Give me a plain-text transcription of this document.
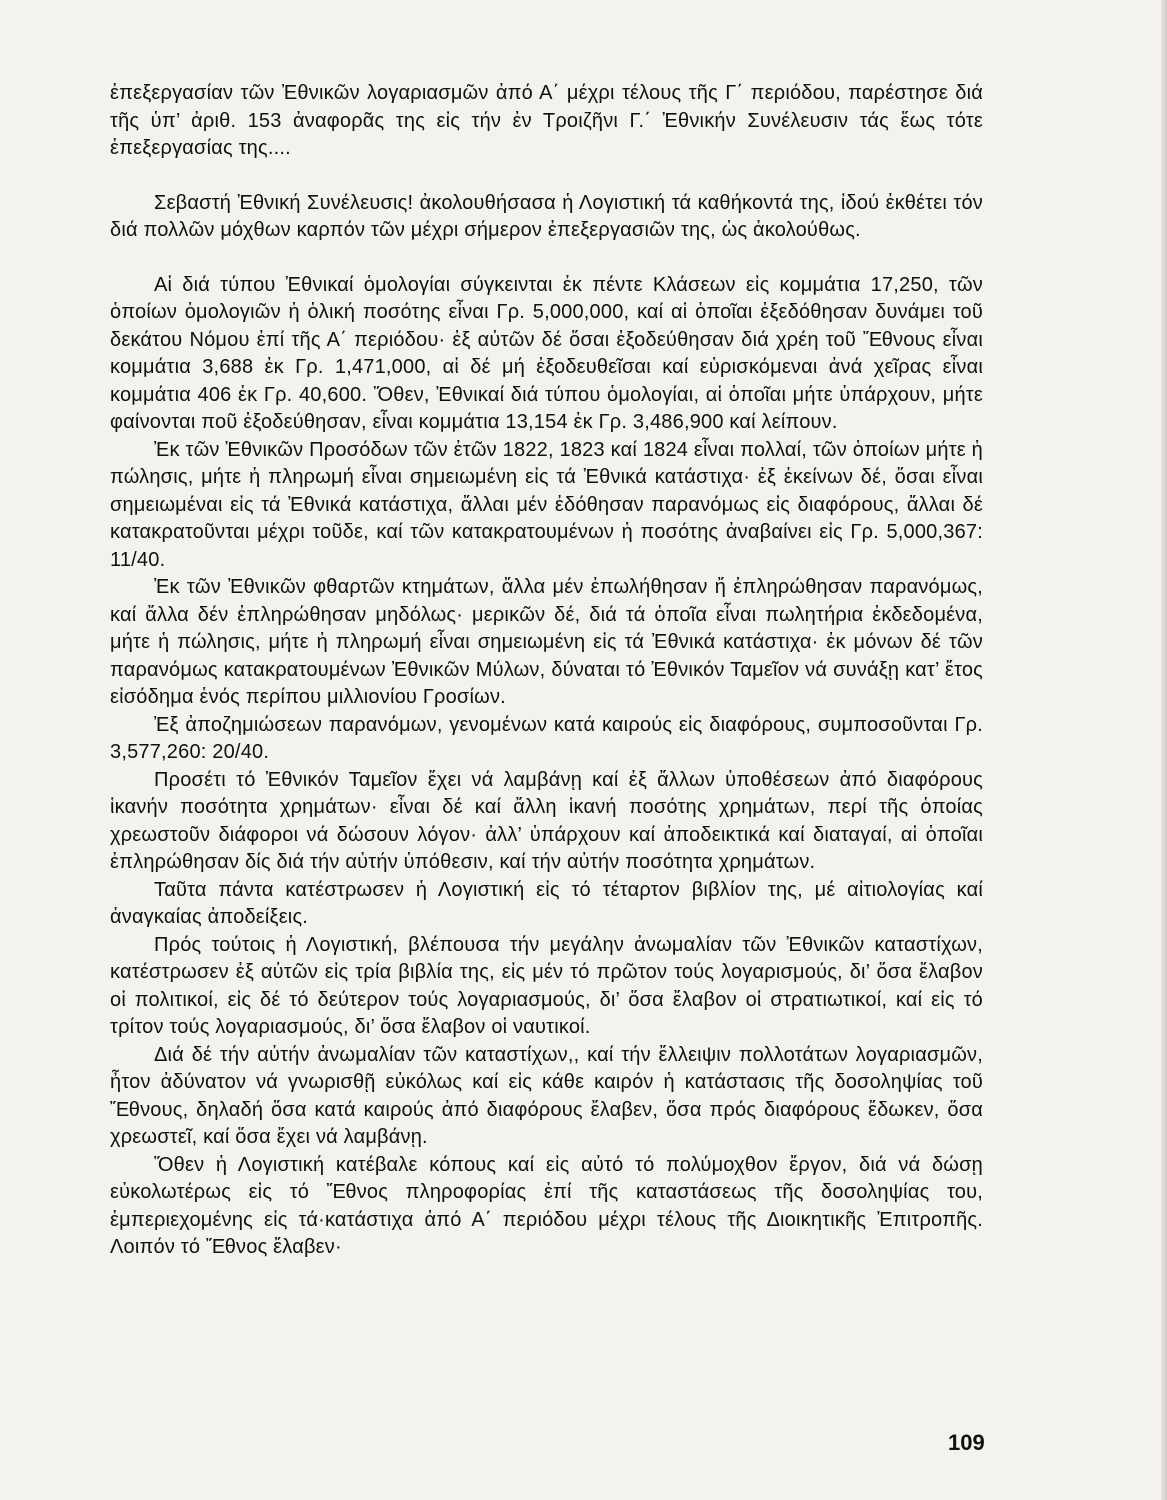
ἐπεξεργασίαν τῶν Ἐθνικῶν λογαριασμῶν ἀπό Α΄ μέχρι τέλους τῆς Γ΄ περιόδου, παρέστησε διά τῆς ὑπ’ ἀριθ. 153 ἀναφορᾶς της εἰς τήν ἐν Τροιζῆνι Γ.΄ Ἐθνικήν Συνέλευσιν τάς ἕως τότε ἐπεξεργασίας της....

Σεβαστή Ἐθνική Συνέλευσις! ἀκολουθήσασα ἡ Λογιστική τά καθήκοντά της, ἰδού ἐκθέτει τόν διά πολλῶν μόχθων καρπόν τῶν μέχρι σήμερον ἐπεξεργασιῶν της, ὡς ἀκολούθως.

Αἱ διά τύπου Ἐθνικαί ὁμολογίαι σύγκεινται ἐκ πέντε Κλάσεων εἰς κομμάτια 17,250, τῶν ὁποίων ὁμολογιῶν ἡ ὁλική ποσότης εἶναι Γρ. 5,000,000, καί αἱ ὁποῖαι ἐξεδόθησαν δυνάμει τοῦ δεκάτου Νόμου ἐπί τῆς Α΄ περιόδου· ἐξ αὐτῶν δέ ὅσαι ἐξοδεύθησαν διά χρέη τοῦ Ἔθνους εἶναι κομμάτια 3,688 ἐκ Γρ. 1,471,000, αἱ δέ μή ἐξοδευθεῖσαι καί εὑρισκόμεναι ἀνά χεῖρας εἶναι κομμάτια 406 ἐκ Γρ. 40,600. Ὅθεν, Ἐθνικαί διά τύπου ὁμολογίαι, αἱ ὁποῖαι μήτε ὑπάρχουν, μήτε φαίνονται ποῦ ἐξοδεύθησαν, εἶναι κομμάτια 13,154 ἐκ Γρ. 3,486,900 καί λείπουν.

Ἐκ τῶν Ἐθνικῶν Προσόδων τῶν ἐτῶν 1822, 1823 καί 1824 εἶναι πολλαί, τῶν ὁποίων μήτε ἡ πώλησις, μήτε ἡ πληρωμή εἶναι σημειωμένη εἰς τά Ἐθνικά κατάστιχα· ἐξ ἐκείνων δέ, ὅσαι εἶναι σημειωμέναι εἰς τά Ἐθνικά κατάστιχα, ἄλλαι μέν ἐδόθησαν παρανόμως εἰς διαφόρους, ἄλλαι δέ κατακρατοῦνται μέχρι τοῦδε, καί τῶν κατακρατουμένων ἡ ποσότης ἀναβαίνει εἰς Γρ. 5,000,367: 11/40.

Ἐκ τῶν Ἐθνικῶν φθαρτῶν κτημάτων, ἄλλα μέν ἐπωλήθησαν ἤ ἐπληρώθησαν παρανόμως, καί ἄλλα δέν ἐπληρώθησαν μηδόλως· μερικῶν δέ, διά τά ὁποῖα εἶναι πωλητήρια ἐκδεδομένα, μήτε ἡ πώλησις, μήτε ἡ πληρωμή εἶναι σημειωμένη εἰς τά Ἐθνικά κατάστιχα· ἐκ μόνων δέ τῶν παρανόμως κατακρατουμένων Ἐθνικῶν Μύλων, δύναται τό Ἐθνικόν Ταμεῖον νά συνάξῃ κατ’ ἔτος εἰσόδημα ἑνός περίπου μιλλιονίου Γροσίων.

Ἐξ ἀποζημιώσεων παρανόμων, γενομένων κατά καιρούς εἰς διαφόρους, συμποσοῦνται Γρ. 3,577,260: 20/40.

Προσέτι τό Ἐθνικόν Ταμεῖον ἔχει νά λαμβάνῃ καί ἐξ ἄλλων ὑποθέσεων ἀπό διαφόρους ἱκανήν ποσότητα χρημάτων· εἶναι δέ καί ἄλλη ἱκανή ποσότης χρημάτων, περί τῆς ὁποίας χρεωστοῦν διάφοροι νά δώσουν λόγον· ἀλλ’ ὑπάρχουν καί ἀποδεικτικά καί διαταγαί, αἱ ὁποῖαι ἐπληρώθησαν δίς διά τήν αὐτήν ὑπόθεσιν, καί τήν αὐτήν ποσότητα χρημάτων.

Ταῦτα πάντα κατέστρωσεν ἡ Λογιστική εἰς τό τέταρτον βιβλίον της, μέ αἰτιολογίας καί ἀναγκαίας ἀποδείξεις.

Πρός τούτοις ἡ Λογιστική, βλέπουσα τήν μεγάλην ἀνωμαλίαν τῶν Ἐθνικῶν καταστίχων, κατέστρωσεν ἐξ αὐτῶν εἰς τρία βιβλία της, εἰς μέν τό πρῶτον τούς λογαρισμούς, δι’ ὅσα ἔλαβον οἱ πολιτικοί, εἰς δέ τό δεύτερον τούς λογαριασμούς, δι’ ὅσα ἔλαβον οἱ στρατιωτικοί, καί εἰς τό τρίτον τούς λογαριασμούς, δι’ ὅσα ἔλαβον οἱ ναυτικοί.

Διά δέ τήν αὐτήν ἀνωμαλίαν τῶν καταστίχων,, καί τήν ἔλλειψιν πολλοτάτων λογαριασμῶν, ἦτον ἀδύνατον νά γνωρισθῇ εὐκόλως καί εἰς κάθε καιρόν ἡ κατάστασις τῆς δοσοληψίας τοῦ Ἔθνους, δηλαδή ὅσα κατά καιρούς ἀπό διαφόρους ἔλαβεν, ὅσα πρός διαφόρους ἔδωκεν, ὅσα χρεωστεῖ, καί ὅσα ἔχει νά λαμβάνῃ.

Ὅθεν ἡ Λογιστική κατέβαλε κόπους καί εἰς αὐτό τό πολύμοχθον ἔργον, διά νά δώσῃ εὐκολωτέρως εἰς τό Ἔθνος πληροφορίας ἐπί τῆς καταστάσεως τῆς δοσοληψίας του, ἐμπεριεχομένης εἰς τά·κατάστιχα ἀπό Α΄ περιόδου μέχρι τέλους τῆς Διοικητικῆς Ἐπιτροπῆς. Λοιπόν τό Ἔθνος ἔλαβεν·

109
